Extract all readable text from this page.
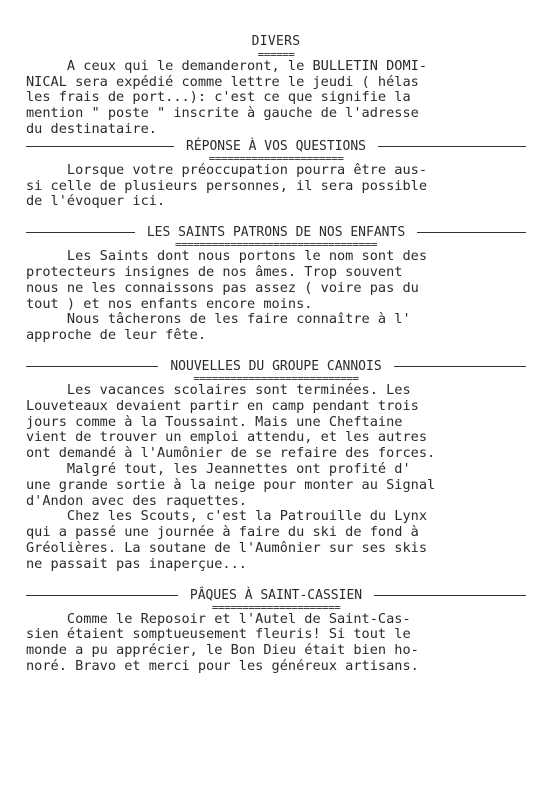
DIVERS
======
A ceux qui le demanderont, le BULLETIN DOMI-
NICAL sera expédié comme lettre le jeudi ( hélas
les frais de port...): c'est ce que signifie la
mention " poste " inscrite à gauche de l'adresse
du destinataire.
RÉPONSE À VOS QUESTIONS
======================
Lorsque votre préoccupation pourra être aus-
si celle de plusieurs personnes, il sera possible
de l'évoquer ici.
LES SAINTS PATRONS DE NOS ENFANTS
=================================
Les Saints dont nous portons le nom sont des
protecteurs insignes de nos âmes. Trop souvent
nous ne les connaissons pas assez ( voire pas du
tout ) et nos enfants encore moins.
Nous tâcherons de les faire connaître à l'
approche de leur fête.
NOUVELLES DU GROUPE CANNOIS
===========================
Les vacances scolaires sont terminées. Les
Louveteaux devaient partir en camp pendant trois
jours comme à la Toussaint. Mais une Cheftaine
vient de trouver un emploi attendu, et les autres
ont demandé à l'Aumônier de se refaire des forces.
Malgré tout, les Jeannettes ont profité d'
une grande sortie à la neige pour monter au Signal
d'Andon avec des raquettes.
Chez les Scouts, c'est la Patrouille du Lynx
qui a passé une journée à faire du ski de fond à
Gréolières. La soutane de l'Aumônier sur ses skis
ne passait pas inaperçue...
PÂQUES À SAINT-CASSIEN
=====================
Comme le Reposoir et l'Autel de Saint-Cas-
sien étaient somptueusement fleuris! Si tout le
monde a pu apprécier, le Bon Dieu était bien ho-
noré. Bravo et merci pour les généreux artisans.
